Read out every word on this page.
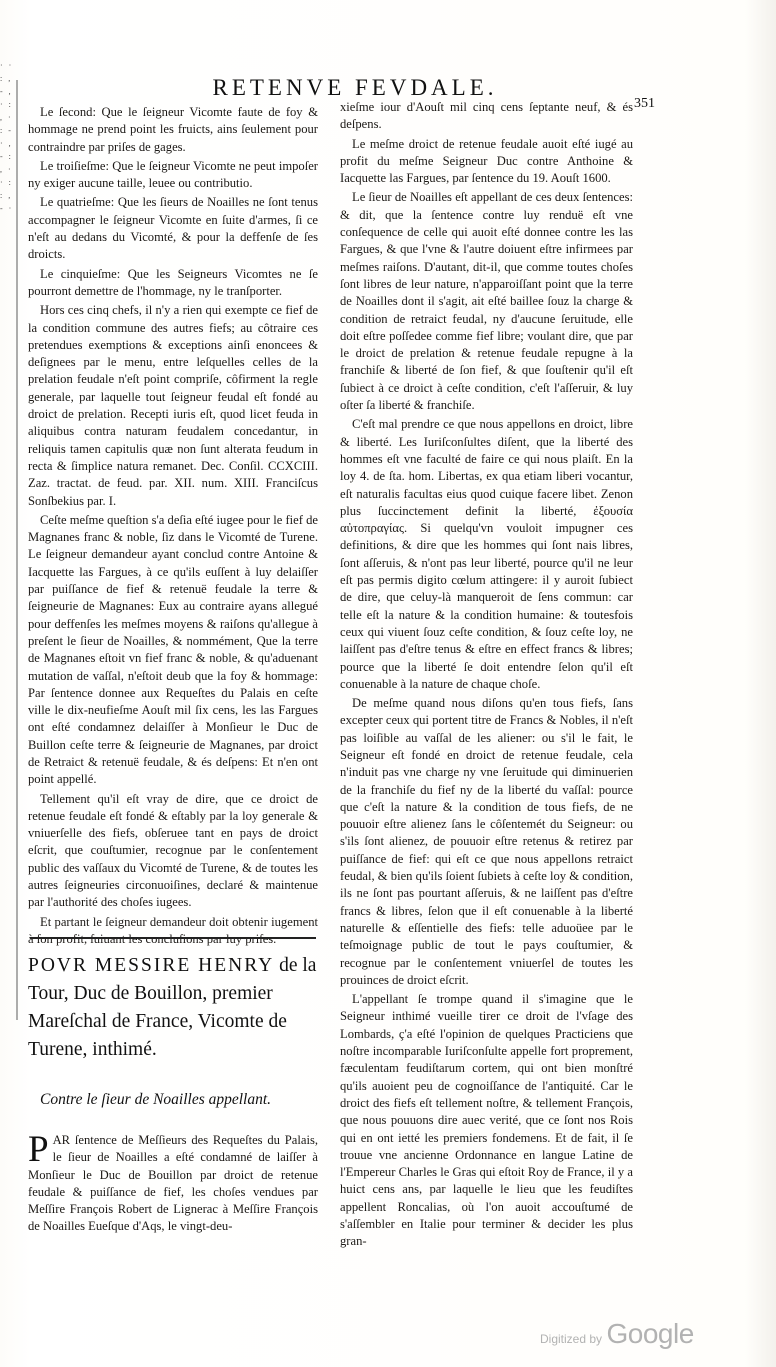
· ·
: ,
- ,
· :
, ·
: -
· ,
- :
, ·
· :
: ,
- ·
RETENVE FEVDALE.
351

Le ſecond: Que le ſeigneur Vicomte faute de foy & hommage ne prend point les fruicts, ains ſeulement pour contraindre par priſes de gages.

Le troiſieſme: Que le ſeigneur Vicomte ne peut impoſer ny exiger aucune taille, leuee ou contributio.

Le quatrieſme: Que les ſieurs de Noailles ne ſont tenus accompagner le ſeigneur Vicomte en ſuite d'armes, ſi ce n'eſt au dedans du Vicomté, & pour la deffenſe de ſes droicts.

Le cinquieſme: Que les Seigneurs Vicomtes ne ſe pourront demettre de l'hommage, ny le tranſporter.

Hors ces cinq chefs, il n'y a rien qui exempte ce fief de la condition commune des autres fiefs; au côtraire ces pretendues exemptions & exceptions ainſi enoncees & deſignees par le menu, entre leſquelles celles de la prelation feudale n'eſt point compriſe, côfirment la regle generale, par laquelle tout ſeigneur feudal eſt fondé au droict de prelation. Recepti iuris eſt, quod licet feuda in aliquibus contra naturam feudalem concedantur, in reliquis tamen capitulis quæ non ſunt alterata feudum in recta & ſimplice natura remanet. Dec. Conſil. CCXCIII. Zaz. tractat. de feud. par. XII. num. XIII. Franciſcus Sonſbekius par. I.

Ceſte meſme queſtion s'a deſia eſté iugee pour le fief de Magnanes franc & noble, ſiz dans le Vicomté de Turene. Le ſeigneur demandeur ayant conclud contre Antoine & Iacquette las Fargues, à ce qu'ils euſſent à luy delaiſſer par puiſſance de fief & retenuë feudale la terre & ſeigneurie de Magnanes: Eux au contraire ayans allegué pour deffenſes les meſmes moyens & raiſons qu'allegue à preſent le ſieur de Noailles, & nommément, Que la terre de Magnanes eſtoit vn fief franc & noble, & qu'aduenant mutation de vaſſal, n'eſtoit deub que la foy & hommage: Par ſentence donnee aux Requeſtes du Palais en ceſte ville le dix-neufieſme Aouſt mil ſix cens, les las Fargues ont eſté condamnez delaiſſer à Monſieur le Duc de Buillon ceſte terre & ſeigneurie de Magnanes, par droict de Retraict & retenuë feudale, & és deſpens: Et n'en ont point appellé.

Tellement qu'il eſt vray de dire, que ce droict de retenue feudale eſt fondé & eſtably par la loy generale & vniuerſelle des fiefs, obſeruee tant en pays de droict eſcrit, que couſtumier, recognue par le conſentement public des vaſſaux du Vicomté de Turene, & de toutes les autres ſeigneuries circonuoiſines, declaré & maintenue par l'authorité des choſes iugees.

Et partant le ſeigneur demandeur doit obtenir iugement à ſon profit, ſuiuant les concluſions par luy priſes.

POVR MESSIRE HENRY de la Tour, Duc de Bouillon, premier Mareſchal de France, Vicomte de Turene, inthimé.
Contre le ſieur de Noailles appellant.
P AR ſentence de Meſſieurs des Requeſtes du Palais, le ſieur de Noailles a eſté condamné de laiſſer à Monſieur le Duc de Bouillon par droict de retenue feudale & puiſſance de fief, les choſes vendues par Meſſire François Robert de Lignerac à Meſſire François de Noailles Eueſque d'Aqs, le vingt-deu-

xieſme iour d'Aouſt mil cinq cens ſeptante neuf, & és deſpens.

Le meſme droict de retenue feudale auoit eſté iugé au profit du meſme Seigneur Duc contre Anthoine & Iacquette las Fargues, par ſentence du 19. Aouſt 1600.

Le ſieur de Noailles eſt appellant de ces deux ſentences: & dit, que la ſentence contre luy renduë eſt vne conſequence de celle qui auoit eſté donnee contre les las Fargues, & que l'vne & l'autre doiuent eſtre infirmees par meſmes raiſons. D'autant, dit-il, que comme toutes choſes ſont libres de leur nature, n'apparoiſſant point que la terre de Noailles dont il s'agit, ait eſté baillee ſouz la charge & condition de retraict feudal, ny d'aucune ſeruitude, elle doit eſtre poſſedee comme fief libre; voulant dire, que par le droict de prelation & retenue feudale repugne à la franchiſe & liberté de ſon fief, & que ſouſtenir qu'il eſt ſubiect à ce droict à ceſte condition, c'eſt l'aſſeruir, & luy oſter ſa liberté & franchiſe.

C'eſt mal prendre ce que nous appellons en droict, libre & liberté. Les Iuriſconſultes diſent, que la liberté des hommes eſt vne faculté de faire ce qui nous plaiſt. En la loy 4. de ſta. hom. Libertas, ex qua etiam liberi vocantur, eſt naturalis facultas eius quod cuique facere libet. Zenon plus ſuccinctement definit la liberté, ἐξουσία αὐτοπραγίας. Si quelqu'vn vouloit impugner ces definitions, & dire que les hommes qui ſont nais libres, ſont aſſeruis, & n'ont pas leur liberté, pource qu'il ne leur eſt pas permis digito cœlum attingere: il y auroit ſubiect de dire, que celuy-là manqueroit de ſens commun: car telle eſt la nature & la condition humaine: & toutesfois ceux qui viuent ſouz ceſte condition, & ſouz ceſte loy, ne laiſſent pas d'eſtre tenus & eſtre en effect francs & libres; pource que la liberté ſe doit entendre ſelon qu'il eſt conuenable à la nature de chaque choſe.

De meſme quand nous diſons qu'en tous fiefs, ſans excepter ceux qui portent titre de Francs & Nobles, il n'eſt pas loiſible au vaſſal de les aliener: ou s'il le fait, le Seigneur eſt fondé en droict de retenue feudale, cela n'induit pas vne charge ny vne ſeruitude qui diminuerien de la franchiſe du fief ny de la liberté du vaſſal: pource que c'eſt la nature & la condition de tous fiefs, de ne pouuoir eſtre alienez ſans le côſentemét du Seigneur: ou s'ils ſont alienez, de pouuoir eſtre retenus & retirez par puiſſance de fief: qui eſt ce que nous appellons retraict feudal, & bien qu'ils ſoient ſubiets à ceſte loy & condition, ils ne ſont pas pourtant aſſeruis, & ne laiſſent pas d'eſtre francs & libres, ſelon que il eſt conuenable à la liberté naturelle & eſſentielle des fiefs: telle aduoüee par le teſmoignage public de tout le pays couſtumier, & recognue par le conſentement vniuerſel de toutes les prouinces de droict eſcrit.

L'appellant ſe trompe quand il s'imagine que le Seigneur inthimé vueille tirer ce droit de l'vſage des Lombards, ç'a eſté l'opinion de quelques Practiciens que noſtre incomparable Iuriſconſulte appelle fort proprement, fæculentam feudiſtarum cortem, qui ont bien monſtré qu'ils auoient peu de cognoiſſance de l'antiquité. Car le droict des fiefs eſt tellement noſtre, & tellement François, que nous pouuons dire auec verité, que ce ſont nos Rois qui en ont ietté les premiers fondemens. Et de fait, il ſe trouue vne ancienne Ordonnance en langue Latine de l'Empereur Charles le Gras qui eſtoit Roy de France, il y a huict cens ans, par laquelle le lieu que les feudiſtes appellent Roncalias, où l'on auoit accouſtumé de s'aſſembler en Italie pour terminer & decider les plus gran-

Digitized by Google
